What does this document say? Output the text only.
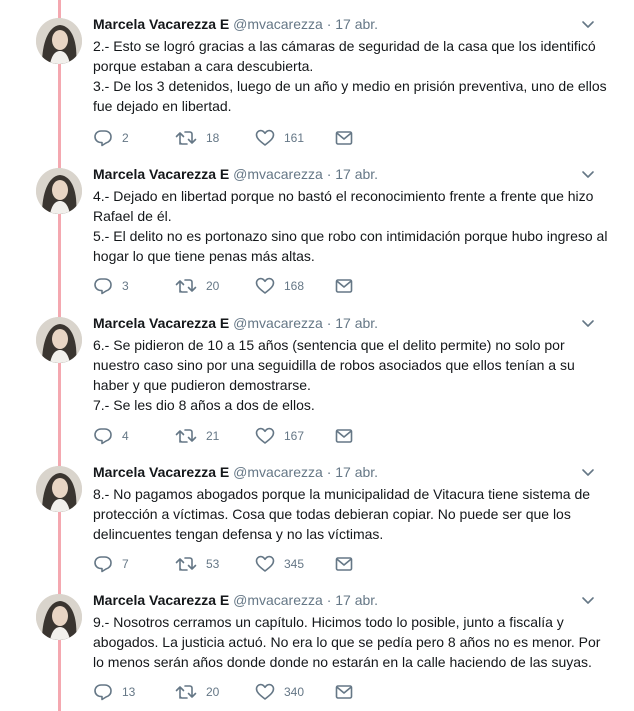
Marcela Vacarezza E @mvacarezza · 17 abr.

2.- Esto se logró gracias a las cámaras de seguridad de la casa que los identificó porque estaban a cara descubierta.

3.- De los 3 detenidos, luego de un año y medio en prisión preventiva, uno de ellos fue dejado en libertad.

2	18	161
Marcela Vacarezza E @mvacarezza · 17 abr.

4.- Dejado en libertad porque no bastó el reconocimiento frente a frente que hizo Rafael de él.

5.- El delito no es portonazo sino que robo con intimidación porque hubo ingreso al hogar lo que tiene penas más altas.

3	20	168
Marcela Vacarezza E @mvacarezza · 17 abr.

6.- Se pidieron de 10 a 15 años (sentencia que el delito permite) no solo por nuestro caso sino por una seguidilla de robos asociados que ellos tenían a su haber y que pudieron demostrarse.

7.- Se les dio 8 años a dos de ellos.

4	21	167
Marcela Vacarezza E @mvacarezza · 17 abr.

8.- No pagamos abogados porque la municipalidad de Vitacura tiene sistema de protección a víctimas. Cosa que todas debieran copiar. No puede ser que los delincuentes tengan defensa y no las víctimas.

7	53	345
Marcela Vacarezza E @mvacarezza · 17 abr.

9.- Nosotros cerramos un capítulo. Hicimos todo lo posible, junto a fiscalía y abogados. La justicia actuó. No era lo que se pedía pero 8 años no es menor. Por lo menos serán años donde donde no estarán en la calle haciendo de las suyas.

13	20	340
